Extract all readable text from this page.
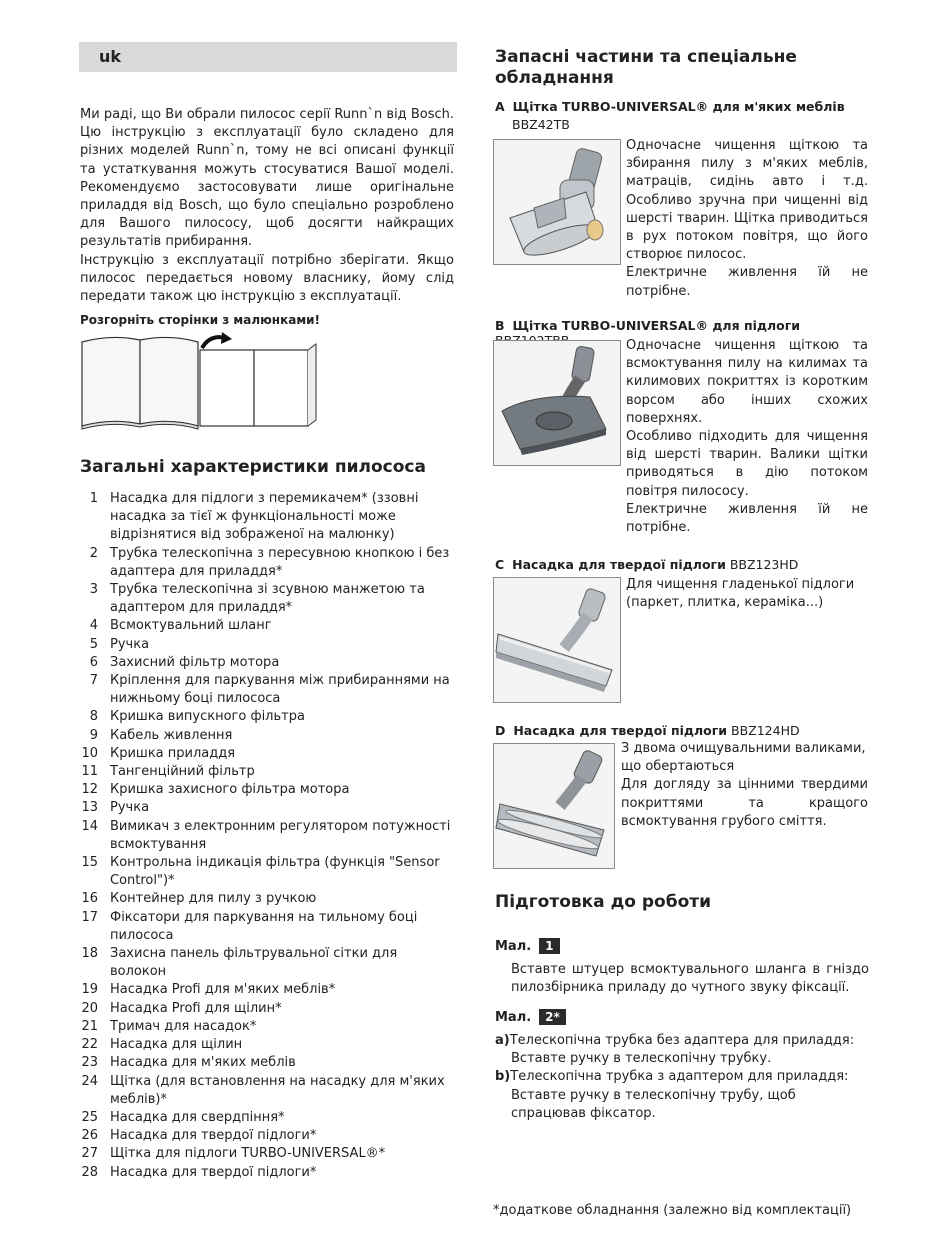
uk

Ми раді, що Ви обрали пилосос серії Runn`n від Bosch. Цю інструкцію з експлуатації було складено для різних моделей Runn`n, тому не всі описані функції та устаткування можуть стосуватися Вашої моделі. Рекомендуємо застосовувати лише оригінальне приладдя від Bosch, що було спеціально розроблено для Вашого пилососу, щоб досягти найкращих результатів прибирання.

Інструкцію з експлуатації потрібно зберігати. Якщо пилосос передається новому власнику, йому слід передати також цю інструкцію з експлуатації.

Розгорніть сторінки з малюнками!
Загальні характеристики пилососа
1 Насадка для підлоги з перемикачем* (ззовні насадка за тієї ж функціональності може відрізнятися від зображеної на малюнку)
2 Трубка телескопічна з пересувною кнопкою і без адаптера для приладдя*
3 Трубка телескопічна зі зсувною манжетою та адаптером для приладдя*
4 Всмоктувальний шланг
5 Ручка
6 Захисний фільтр мотора
7 Кріплення для паркування між прибираннями на нижньому боці пилососа
8 Кришка випускного фільтра
9 Кабель живлення
10 Кришка приладдя
11 Тангенційний фільтр
12 Кришка захисного фільтра мотора
13 Ручка
14 Вимикач з електронним регулятором потужності всмоктування
15 Контрольна індикація фільтра (функція "Sensor Control")*
16 Контейнер для пилу з ручкою
17 Фіксатори для паркування на тильному боці пилососа
18 Захисна панель фільтрувальної сітки для волокон
19 Насадка Profi для м'яких меблів*
20 Насадка Profi для щілин*
21 Тримач для насадок*
22 Насадка для щілин
23 Насадка для м'яких меблів
24 Щітка (для встановлення на насадку для м'яких меблів)*
25 Насадка для свердпіння*
26 Насадка для твердої підлоги*
27 Щітка для підлоги TURBO-UNIVERSAL®*
28 Насадка для твердої підлоги*
Запасні частини та спеціальне обладнання
A Щітка TURBO-UNIVERSAL® для м'яких меблів
BBZ42TB

Одночасне чищення щіткою та збирання пилу з м'яких меблів, матраців, сидінь авто і т.д. Особливо зручна при чищенні від шерсті тварин. Щітка приводиться в рух потоком повітря, що його створює пилосос.

Електричне живлення їй не потрібне.

B Щітка TURBO-UNIVERSAL® для підлоги

Одночасне чищення щіткою та всмоктування пилу на килимах та килимових покриттях із коротким ворсом або інших схожих поверхнях.

Особливо підходить для чищення від шерсті тварин. Валики щітки приводяться в дію потоком повітря пилососу.

Електричне живлення їй не потрібне.

C Насадка для твердої підлоги BBZ123HD

Для чищення гладенької підлоги (паркет, плитка, кераміка...)

D Насадка для твердої підлоги BBZ124HD

З двома очищувальними валиками, що обертаються

Для догляду за цінними твердими покриттями та кращого всмоктування грубого сміття.

Підготовка до роботи
Мал.	1

Вставте штуцер всмоктувального шланга в гніздо пилозбірника приладу до чутного звуку фіксації.

Мал.	2*

a)Телескопічна трубка без адаптера для приладдя:

Вставте ручку в телескопічну трубку.

b)Телескопічна трубка з адаптером для приладдя:

Вставте ручку в телескопічну трубу, щоб спрацював фіксатор.

*додаткове обладнання (залежно від комплектації)
